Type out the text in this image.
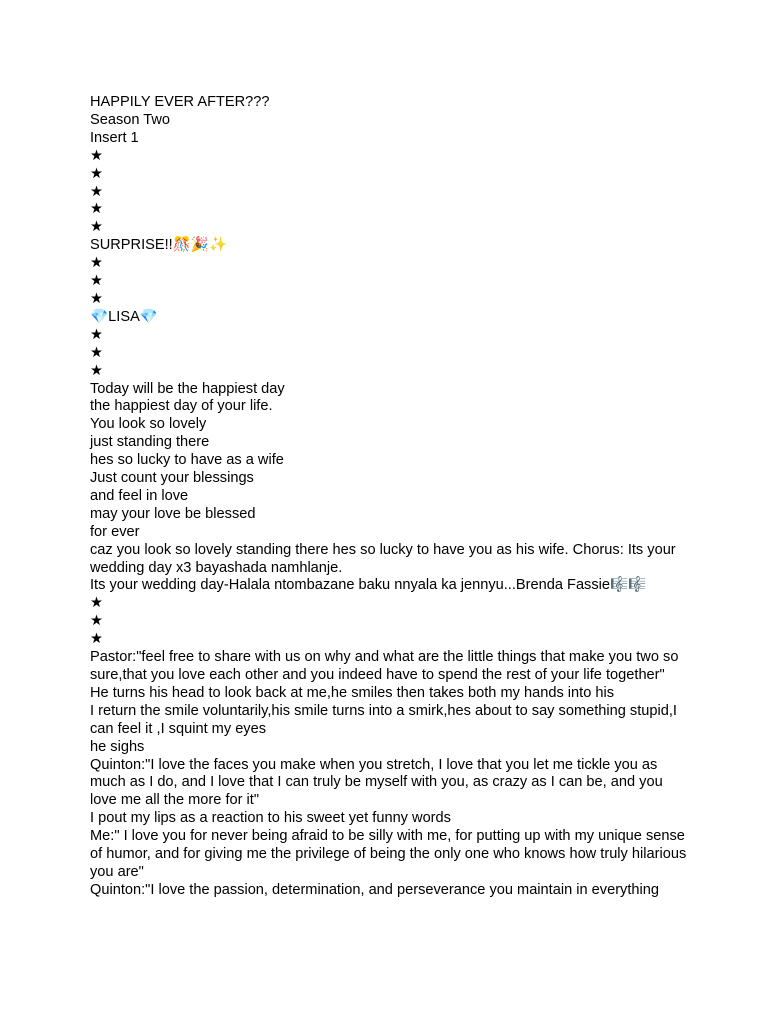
HAPPILY EVER AFTER???
Season Two
Insert 1
★
★
★
★
★
SURPRISE!!🎊🎉✨
★
★
★
💎LISA💎
★
★
★
Today will be the happiest day
the happiest day of your life.
You look so lovely
just standing there
hes so lucky to have as a wife
Just count your blessings
and feel in love
may your love be blessed
for ever
caz you look so lovely standing there hes so lucky to have you as his wife. Chorus: Its your wedding day x3 bayashada namhlanje.
Its your wedding day-Halala ntombazane baku nnyala ka jennyu...Brenda Fassie🎼🎼
★
★
★
Pastor:"feel free to share with us on why and what are the little things that make you two so sure,that you love each other and you indeed have to spend the rest of your life together"
He turns his head to look back at me,he smiles then takes both my hands into his
I return the smile voluntarily,his smile turns into a smirk,hes about to say something stupid,I can feel it ,I squint my eyes
he sighs
Quinton:"I love the faces you make when you stretch, I love that you let me tickle you as much as I do, and I love that I can truly be myself with you, as crazy as I can be, and you love me all the more for it"
I pout my lips as a reaction to his sweet yet funny words
Me:" I love you for never being afraid to be silly with me, for putting up with my unique sense of humor, and for giving me the privilege of being the only one who knows how truly hilarious you are"
Quinton:"I love the passion, determination, and perseverance you maintain in everything
